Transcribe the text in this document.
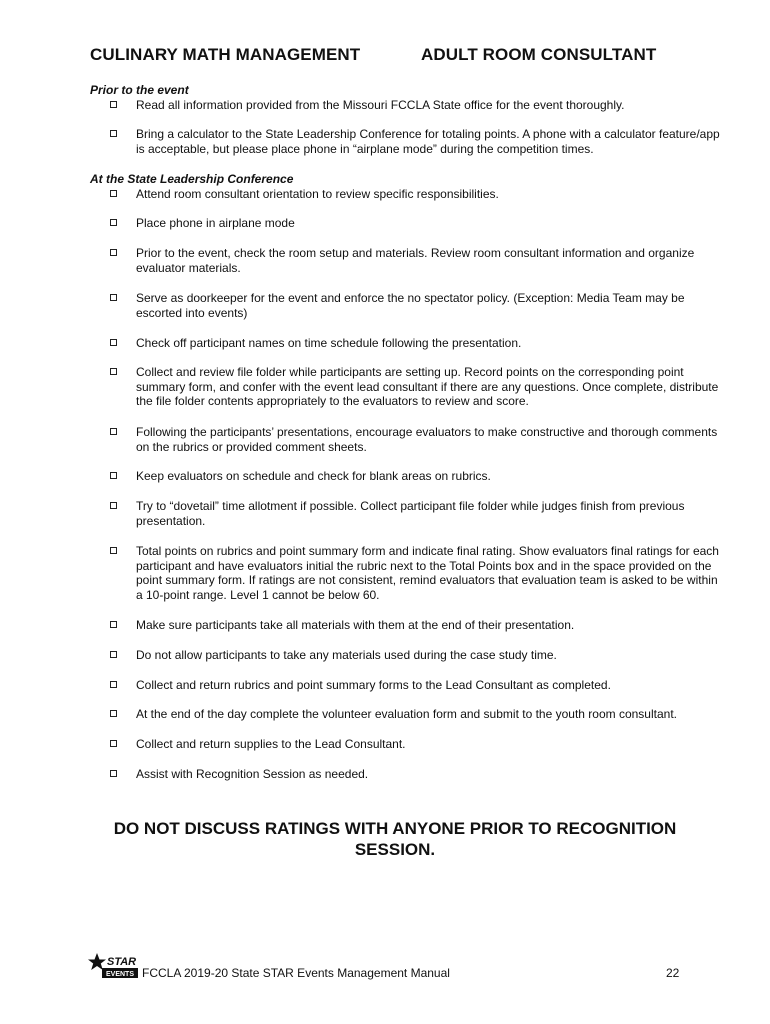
CULINARY MATH MANAGEMENT	ADULT ROOM CONSULTANT
Prior to the event
Read all information provided from the Missouri FCCLA State office for the event thoroughly.
Bring a calculator to the State Leadership Conference for totaling points. A phone with a calculator feature/app is acceptable, but please place phone in “airplane mode” during the competition times.
At the State Leadership Conference
Attend room consultant orientation to review specific responsibilities.
Place phone in airplane mode
Prior to the event, check the room setup and materials. Review room consultant information and organize evaluator materials.
Serve as doorkeeper for the event and enforce the no spectator policy. (Exception: Media Team may be escorted into events)
Check off participant names on time schedule following the presentation.
Collect and review file folder while participants are setting up. Record points on the corresponding point summary form, and confer with the event lead consultant if there are any questions. Once complete, distribute the file folder contents appropriately to the evaluators to review and score.
Following the participants’ presentations, encourage evaluators to make constructive and thorough comments on the rubrics or provided comment sheets.
Keep evaluators on schedule and check for blank areas on rubrics.
Try to “dovetail” time allotment if possible. Collect participant file folder while judges finish from previous presentation.
Total points on rubrics and point summary form and indicate final rating. Show evaluators final ratings for each participant and have evaluators initial the rubric next to the Total Points box and in the space provided on the point summary form. If ratings are not consistent, remind evaluators that evaluation team is asked to be within a 10-point range. Level 1 cannot be below 60.
Make sure participants take all materials with them at the end of their presentation.
Do not allow participants to take any materials used during the case study time.
Collect and return rubrics and point summary forms to the Lead Consultant as completed.
At the end of the day complete the volunteer evaluation form and submit to the youth room consultant.
Collect and return supplies to the Lead Consultant.
Assist with Recognition Session as needed.
DO NOT DISCUSS RATINGS WITH ANYONE PRIOR TO RECOGNITION SESSION.
STAR
EVENTS FCCLA 2019-20 State STAR Events Management Manual	22
